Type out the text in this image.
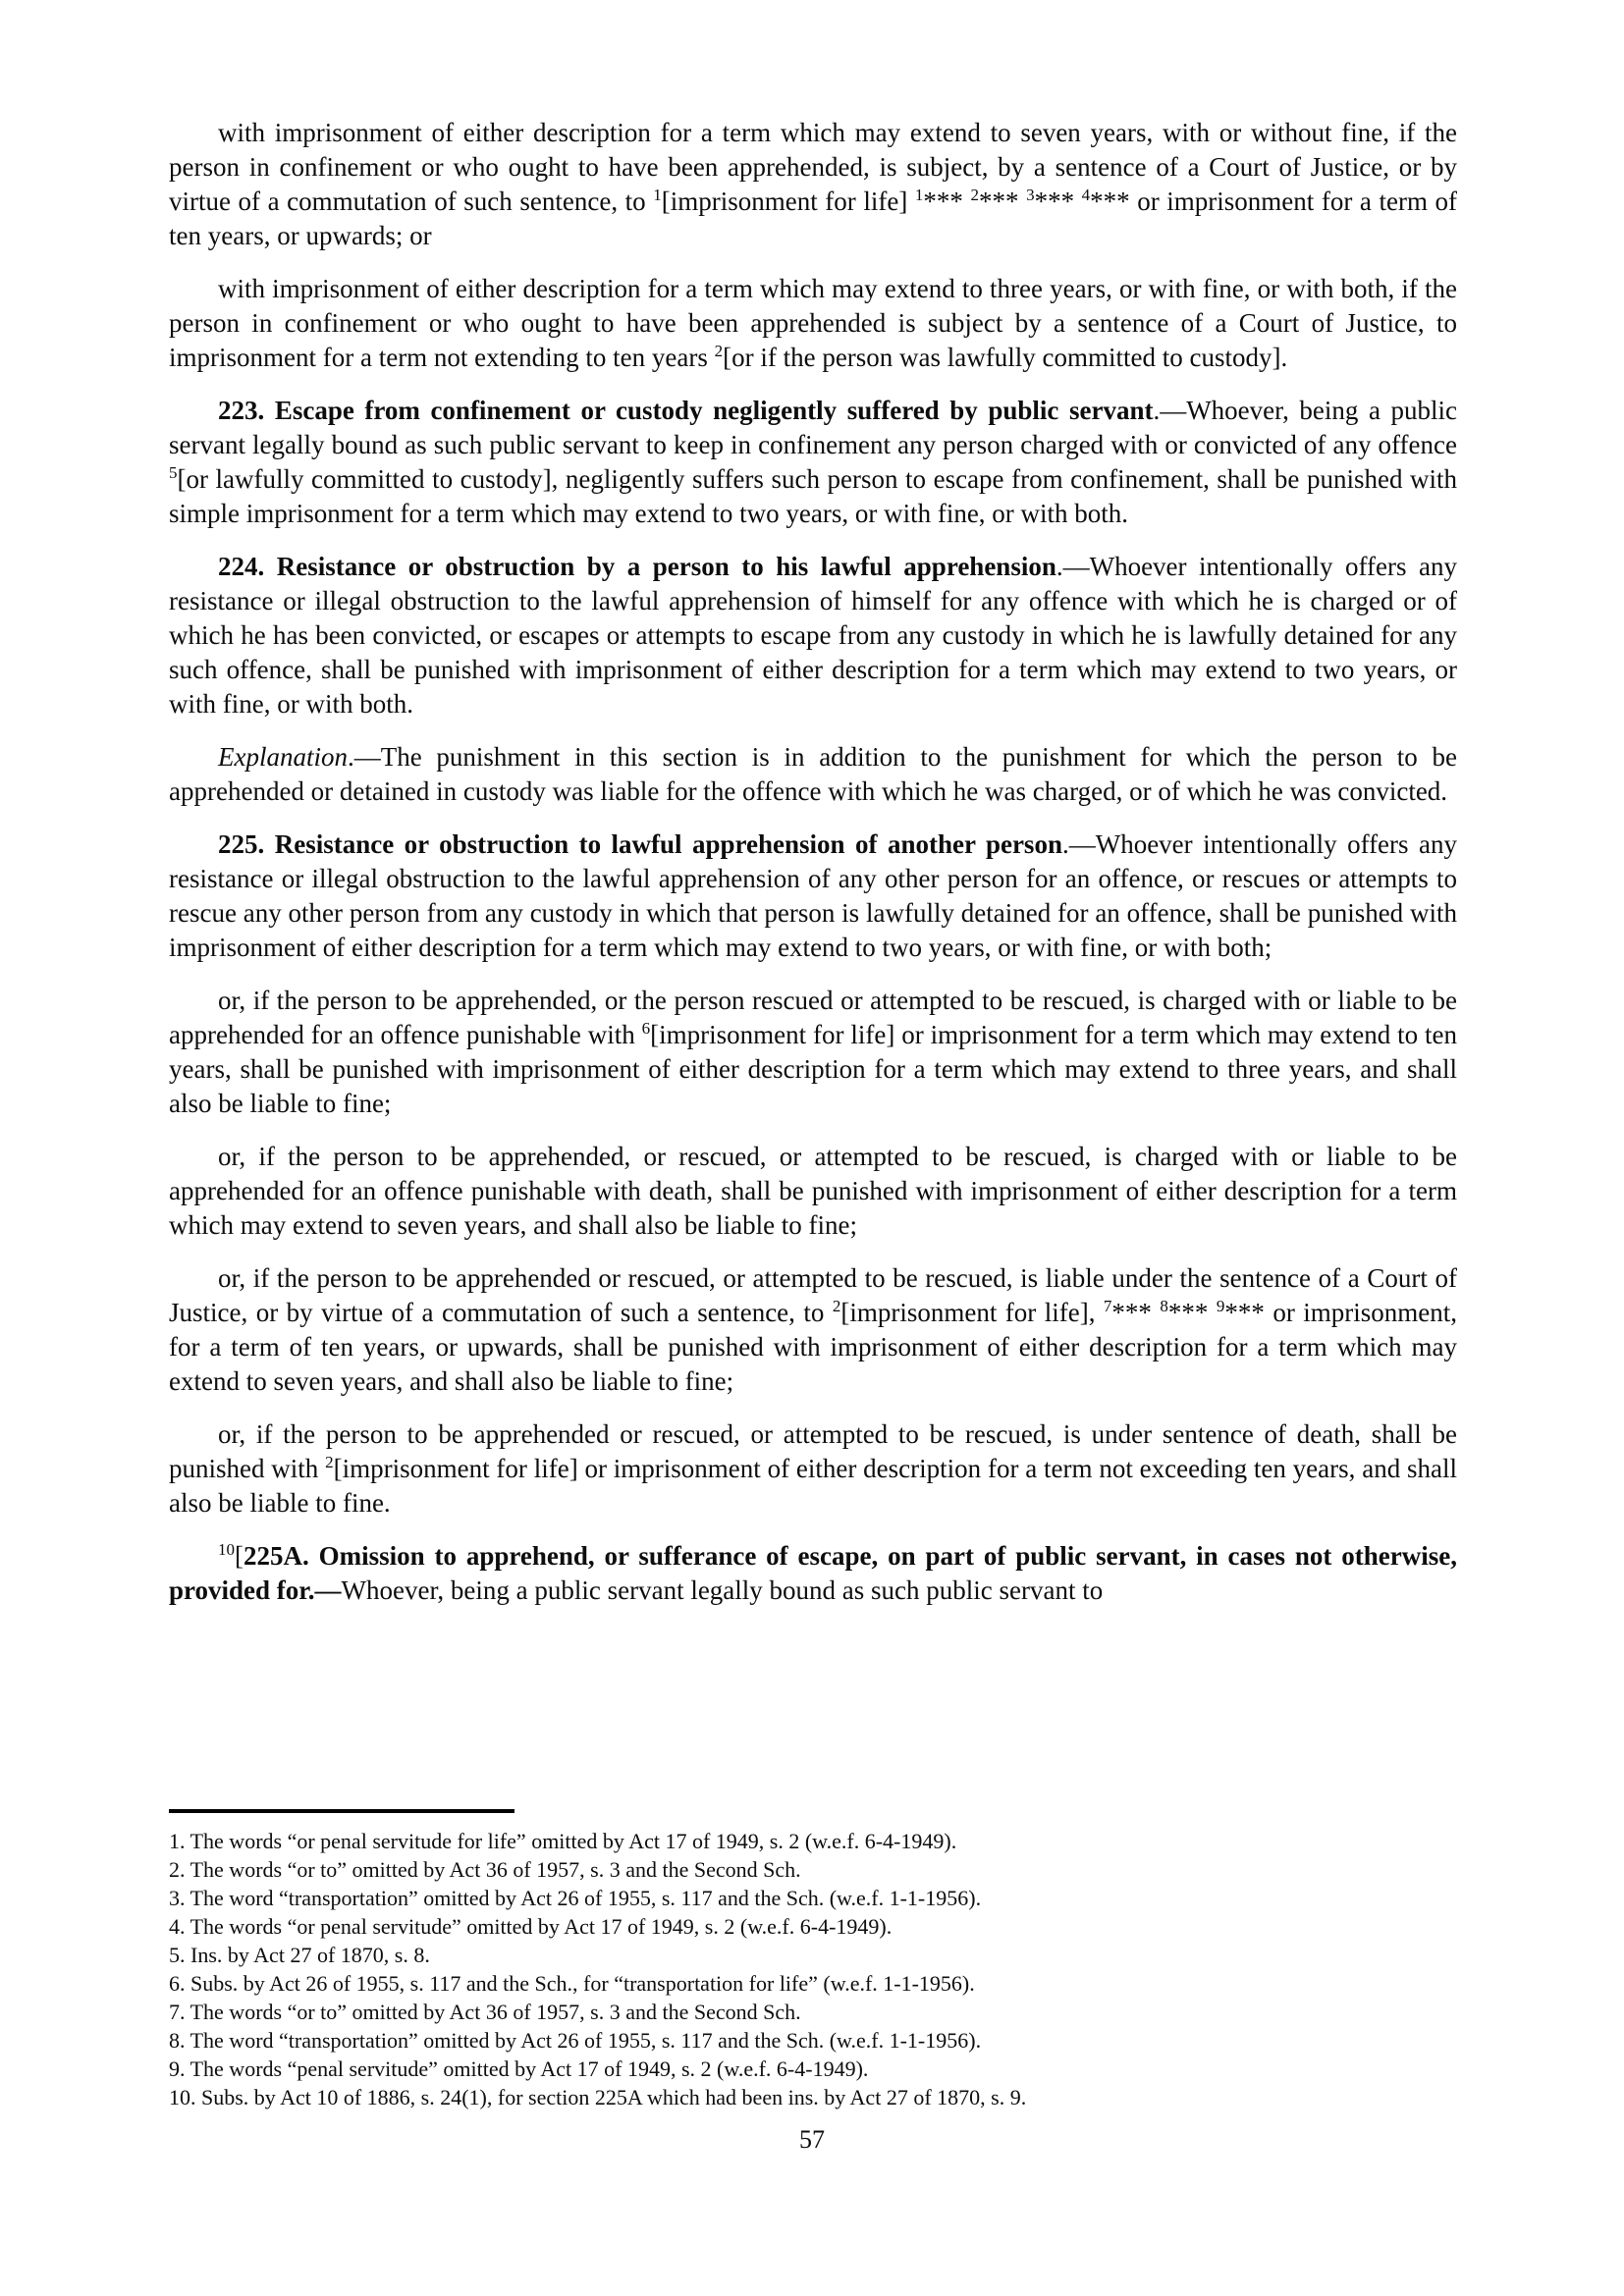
with imprisonment of either description for a term which may extend to seven years, with or without fine, if the person in confinement or who ought to have been apprehended, is subject, by a sentence of a Court of Justice, or by virtue of a commutation of such sentence, to $^1$[imprisonment for life] $^1$*** $^2$*** $^3$*** $^4$*** or imprisonment for a term of ten years, or upwards; or

with imprisonment of either description for a term which may extend to three years, or with fine, or with both, if the person in confinement or who ought to have been apprehended is subject by a sentence of a Court of Justice, to imprisonment for a term not extending to ten years $^2$[or if the person was lawfully committed to custody].

223. Escape from confinement or custody negligently suffered by public servant.—Whoever, being a public servant legally bound as such public servant to keep in confinement any person charged with or convicted of any offence $^5$[or lawfully committed to custody], negligently suffers such person to escape from confinement, shall be punished with simple imprisonment for a term which may extend to two years, or with fine, or with both.

224. Resistance or obstruction by a person to his lawful apprehension.—Whoever intentionally offers any resistance or illegal obstruction to the lawful apprehension of himself for any offence with which he is charged or of which he has been convicted, or escapes or attempts to escape from any custody in which he is lawfully detained for any such offence, shall be punished with imprisonment of either description for a term which may extend to two years, or with fine, or with both.

Explanation.—The punishment in this section is in addition to the punishment for which the person to be apprehended or detained in custody was liable for the offence with which he was charged, or of which he was convicted.

225. Resistance or obstruction to lawful apprehension of another person.—Whoever intentionally offers any resistance or illegal obstruction to the lawful apprehension of any other person for an offence, or rescues or attempts to rescue any other person from any custody in which that person is lawfully detained for an offence, shall be punished with imprisonment of either description for a term which may extend to two years, or with fine, or with both;

or, if the person to be apprehended, or the person rescued or attempted to be rescued, is charged with or liable to be apprehended for an offence punishable with $^6$[imprisonment for life] or imprisonment for a term which may extend to ten years, shall be punished with imprisonment of either description for a term which may extend to three years, and shall also be liable to fine;

or, if the person to be apprehended, or rescued, or attempted to be rescued, is charged with or liable to be apprehended for an offence punishable with death, shall be punished with imprisonment of either description for a term which may extend to seven years, and shall also be liable to fine;

or, if the person to be apprehended or rescued, or attempted to be rescued, is liable under the sentence of a Court of Justice, or by virtue of a commutation of such a sentence, to $^2$[imprisonment for life], $^7$*** $^8$*** $^9$*** or imprisonment, for a term of ten years, or upwards, shall be punished with imprisonment of either description for a term which may extend to seven years, and shall also be liable to fine;

or, if the person to be apprehended or rescued, or attempted to be rescued, is under sentence of death, shall be punished with $^2$[imprisonment for life] or imprisonment of either description for a term not exceeding ten years, and shall also be liable to fine.

$^{10}$[225A. Omission to apprehend, or sufferance of escape, on part of public servant, in cases not otherwise, provided for.—Whoever, being a public servant legally bound as such public servant to

1. The words “or penal servitude for life” omitted by Act 17 of 1949, s. 2 (w.e.f. 6-4-1949).
2. The words “or to” omitted by Act 36 of 1957, s. 3 and the Second Sch.
3. The word “transportation” omitted by Act 26 of 1955, s. 117 and the Sch. (w.e.f. 1-1-1956).
4. The words “or penal servitude” omitted by Act 17 of 1949, s. 2 (w.e.f. 6-4-1949).
5. Ins. by Act 27 of 1870, s. 8.
6. Subs. by Act 26 of 1955, s. 117 and the Sch., for “transportation for life” (w.e.f. 1-1-1956).
7. The words “or to” omitted by Act 36 of 1957, s. 3 and the Second Sch.
8. The word “transportation” omitted by Act 26 of 1955, s. 117 and the Sch. (w.e.f. 1-1-1956).
9. The words “penal servitude” omitted by Act 17 of 1949, s. 2 (w.e.f. 6-4-1949).
10. Subs. by Act 10 of 1886, s. 24(1), for section 225A which had been ins. by Act 27 of 1870, s. 9.
57
